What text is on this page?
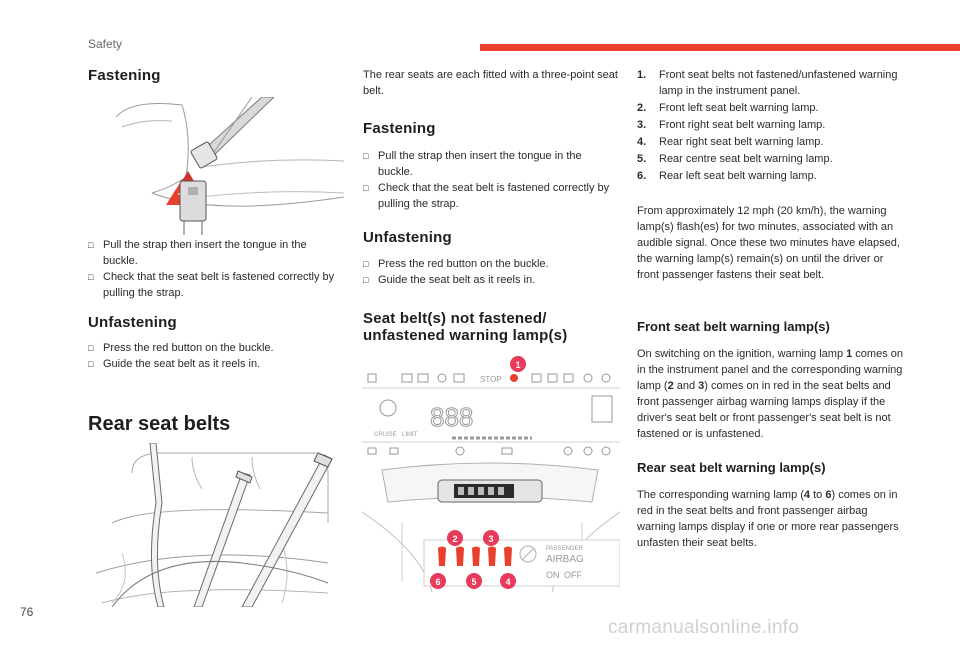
Safety
Fastening
□ Pull the strap then insert the tongue in the buckle.
□ Check that the seat belt is fastened correctly by pulling the strap.
Unfastening
□ Press the red button on the buckle.
□ Guide the seat belt as it reels in.
Rear seat belts
76

The rear seats are each fitted with a three-point seat belt.

Fastening
□ Pull the strap then insert the tongue in the buckle.
□ Check that the seat belt is fastened correctly by pulling the strap.
Unfastening
□ Press the red button on the buckle.
□ Guide the seat belt as it reels in.
Seat belt(s) not fastened/
unfastened warning lamp(s)
STOP
1
888
CRUISE LIMIT
PASSENGER
AIRBAG
ON OFF
2	3
4
5
6
1. Front seat belts not fastened/unfastened warning lamp in the instrument panel.
2. Front left seat belt warning lamp.
3. Front right seat belt warning lamp.
4. Rear right seat belt warning lamp.
5. Rear centre seat belt warning lamp.
6. Rear left seat belt warning lamp.

From approximately 12 mph (20 km/h), the warning lamp(s) flash(es) for two minutes, associated with an audible signal. Once these two minutes have elapsed, the warning lamp(s) remain(s) on until the driver or front passenger fastens their seat belt.

Front seat belt warning lamp(s)

On switching on the ignition, warning lamp 1 comes on in the instrument panel and the corresponding warning lamp (2 and 3) comes on in red in the seat belts and front passenger airbag warning lamps display if the driver's seat belt or front passenger's seat belt is not fastened or is unfastened.

Rear seat belt warning lamp(s)

The corresponding warning lamp (4 to 6) comes on in red in the seat belts and front passenger airbag warning lamps display if one or more rear passengers unfasten their seat belts.

carmanualsonline.info
